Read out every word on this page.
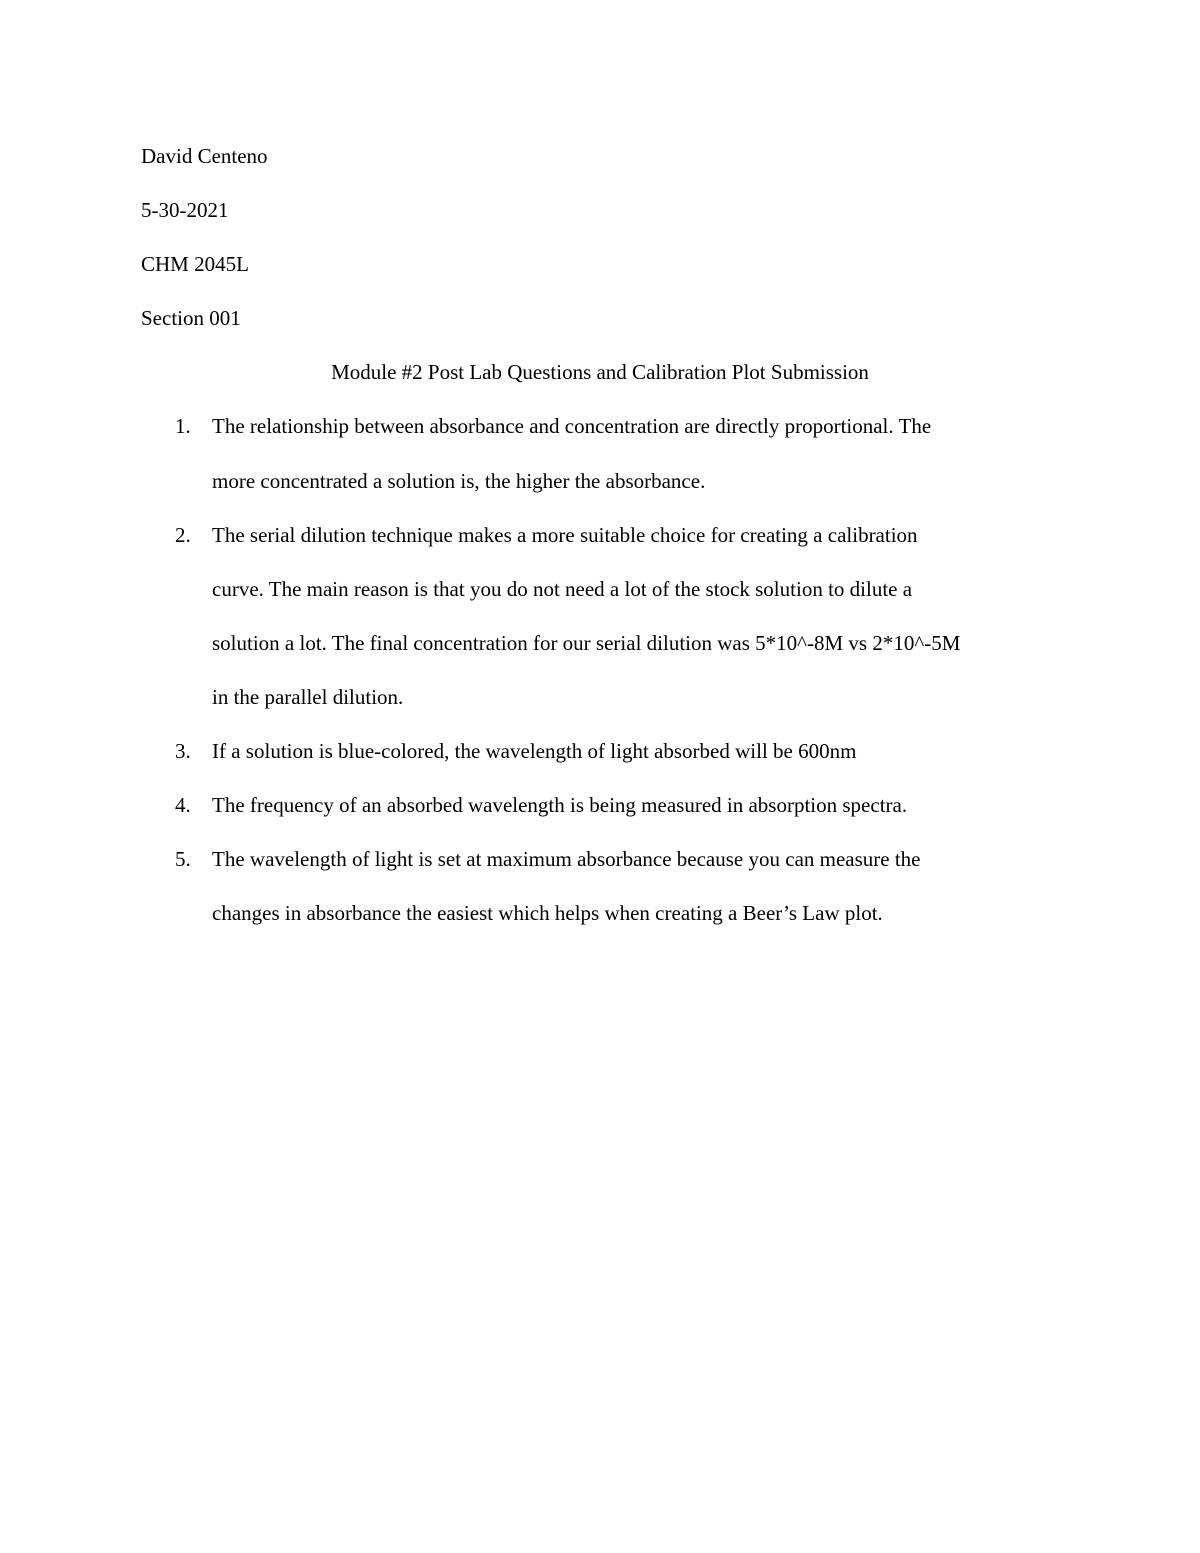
David Centeno
5-30-2021
CHM 2045L
Section 001
Module #2 Post Lab Questions and Calibration Plot Submission
1. The relationship between absorbance and concentration are directly proportional. The
more concentrated a solution is, the higher the absorbance.
2. The serial dilution technique makes a more suitable choice for creating a calibration
curve. The main reason is that you do not need a lot of the stock solution to dilute a
solution a lot. The final concentration for our serial dilution was 5*10^-8M vs 2*10^-5M
in the parallel dilution.
3. If a solution is blue-colored, the wavelength of light absorbed will be 600nm
4. The frequency of an absorbed wavelength is being measured in absorption spectra.
5. The wavelength of light is set at maximum absorbance because you can measure the
changes in absorbance the easiest which helps when creating a Beer’s Law plot.
